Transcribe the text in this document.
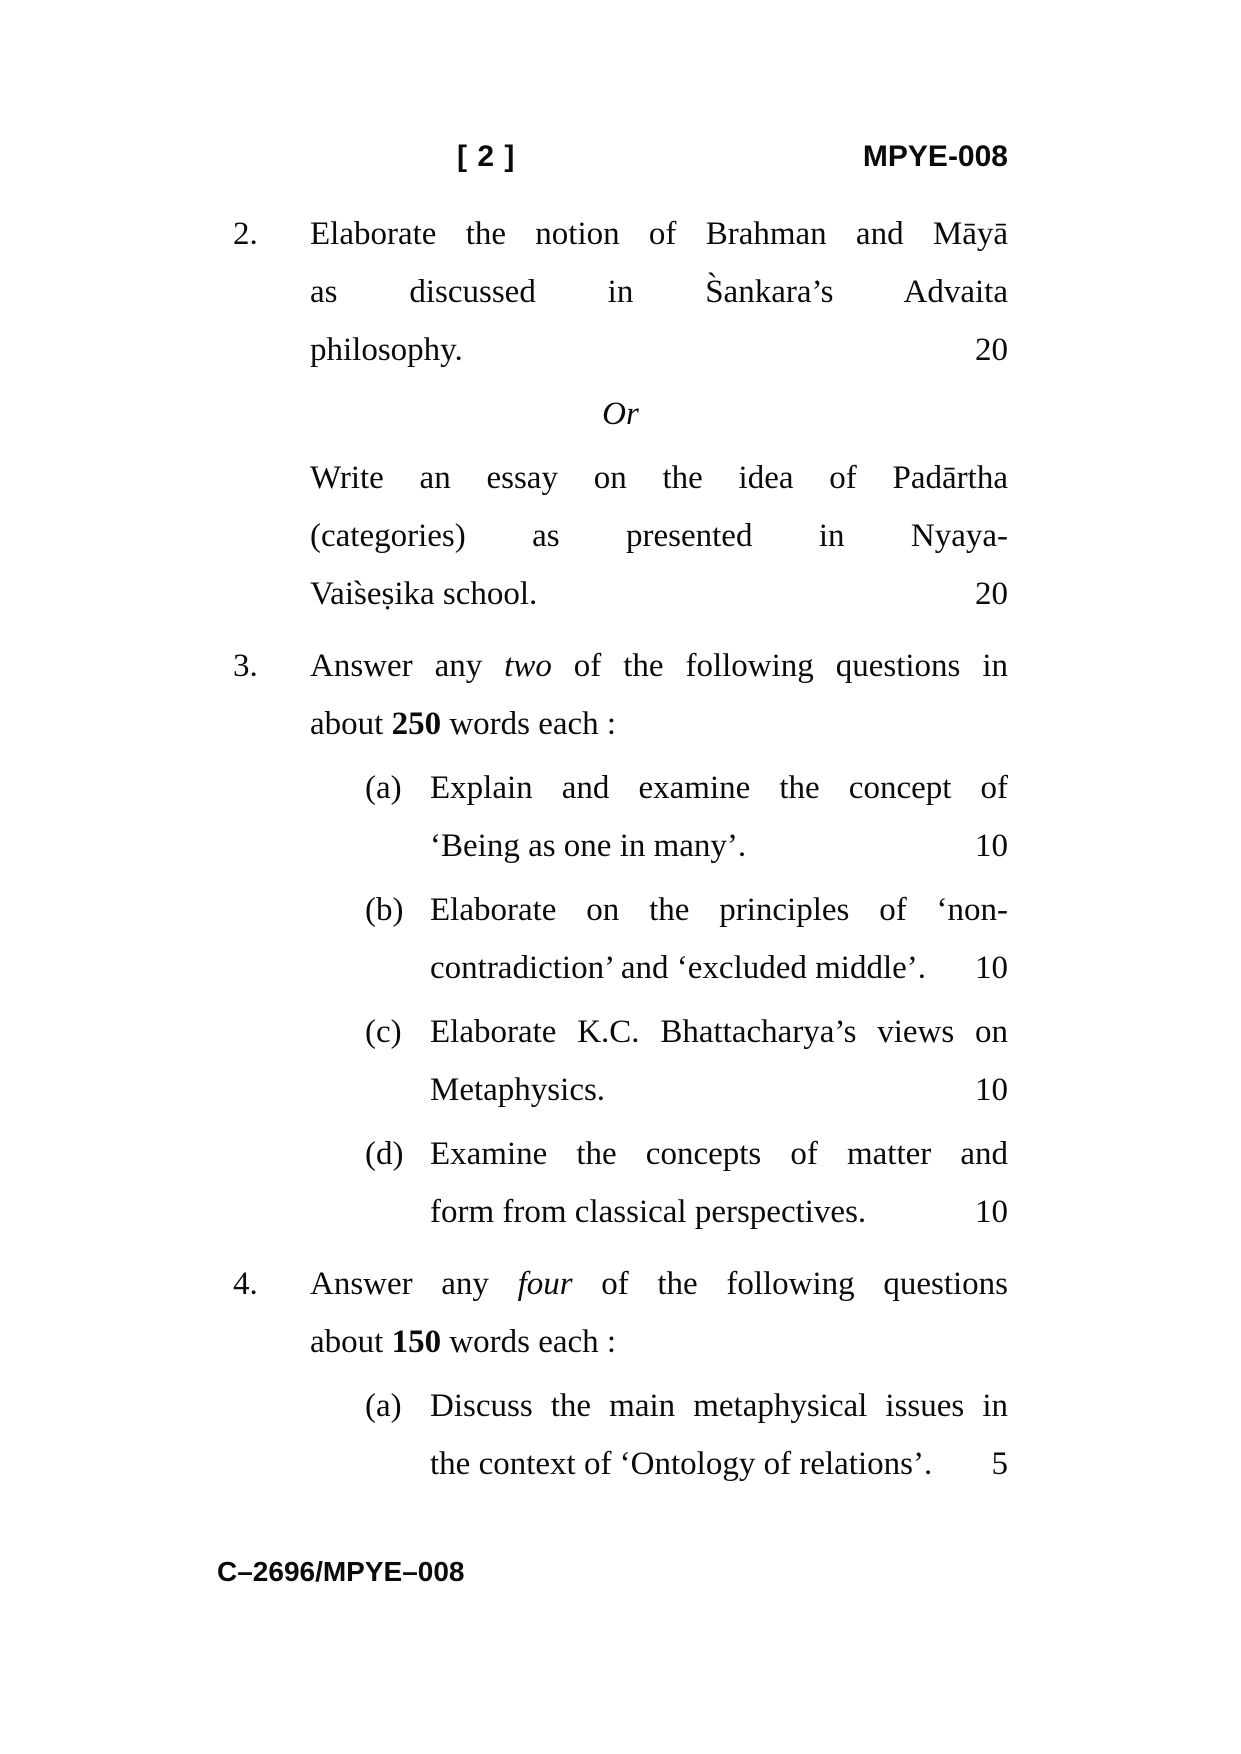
[ 2 ]	MPYE-008
2.	Elaborate the notion of Brahman and Māyā
as discussed in S̀ankara’s Advaita
philosophy.	20
Or
Write an essay on the idea of Padārtha
(categories) as presented in Nyaya-
Vais̀eṣika school.	20
3.	Answer any two of the following questions in
about 250 words each :
(a) Explain and examine the concept of
‘Being as one in many’.	10
(b) Elaborate on the principles of ‘non-
contradiction’ and ‘excluded middle’. 10
(c) Elaborate K.C. Bhattacharya’s views on
Metaphysics.	10
(d) Examine the concepts of matter and
form from classical perspectives.	10
4.	Answer any four of the following questions
about 150 words each :
(a) Discuss the main metaphysical issues in
the context of ‘Ontology of relations’. 5
C–2696/MPYE–008
